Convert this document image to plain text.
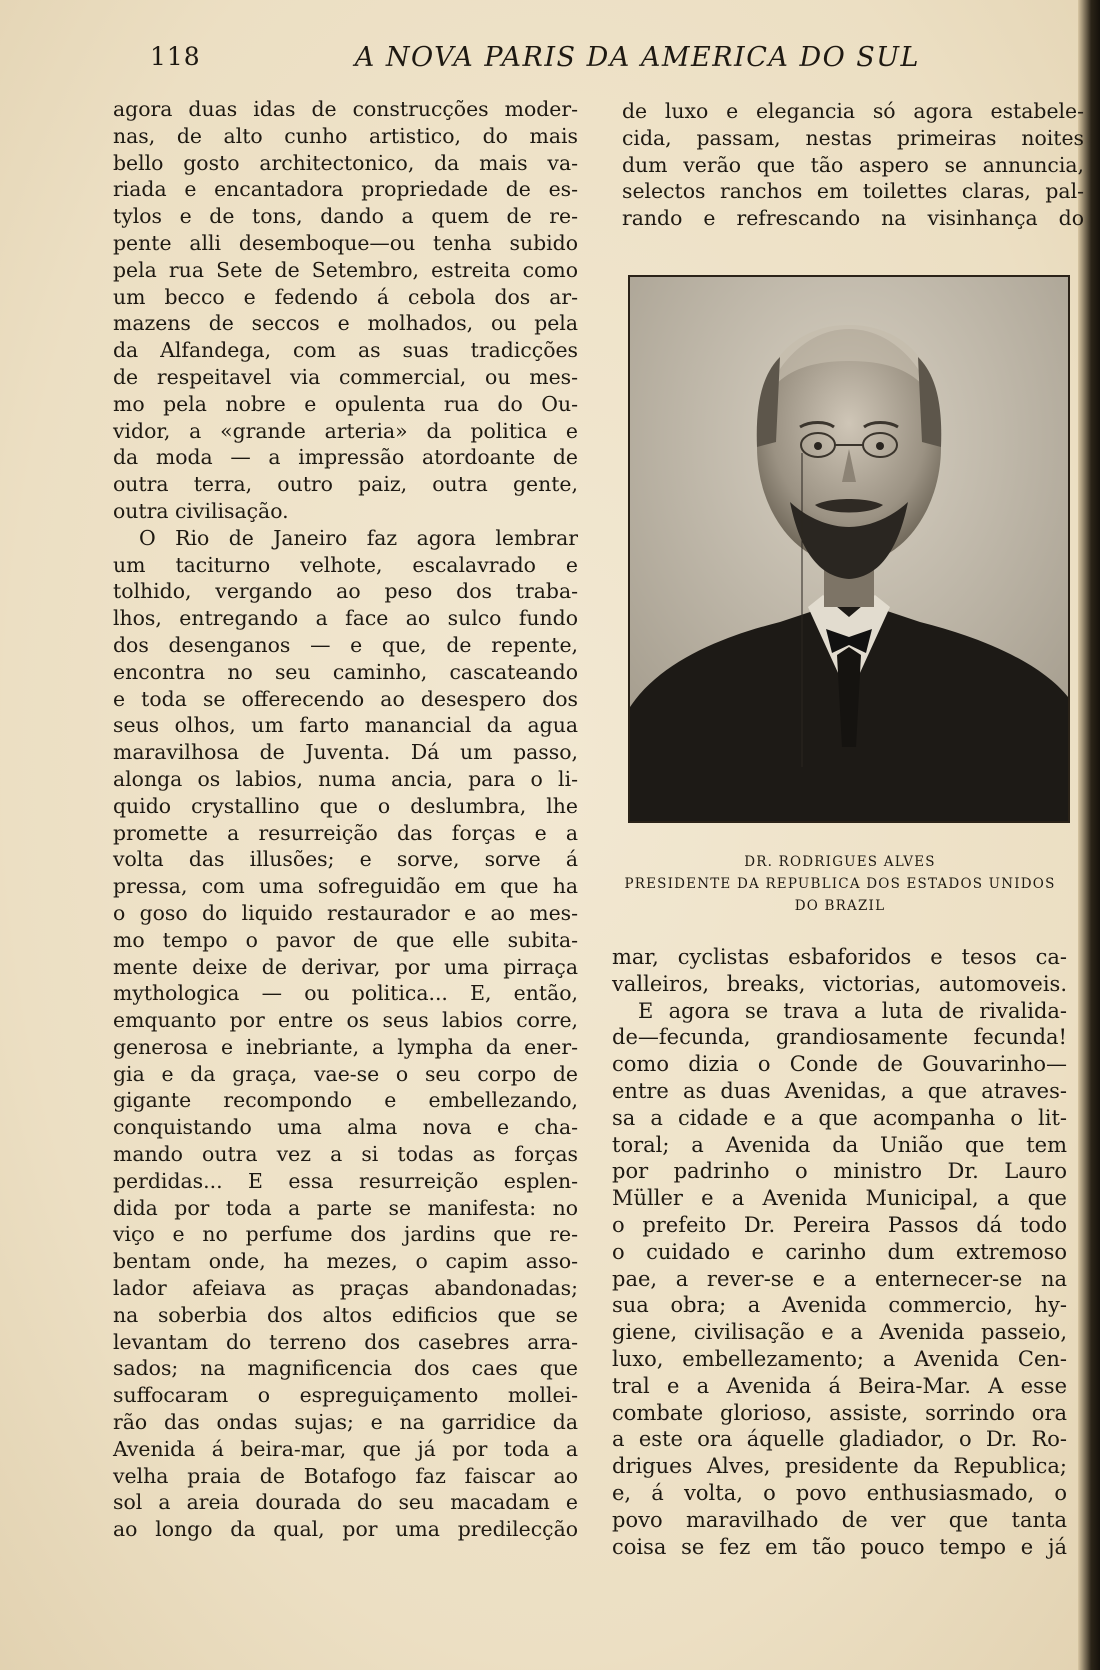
118	A NOVA PARIS DA AMERICA DO SUL
agora duas idas de construcções moder-
nas, de alto cunho artistico, do mais
bello gosto architectonico, da mais va-
riada e encantadora propriedade de es-
tylos e de tons, dando a quem de re-
pente alli desemboque—ou tenha subido
pela rua Sete de Setembro, estreita como
um becco e fedendo á cebola dos ar-
mazens de seccos e molhados, ou pela
da Alfandega, com as suas tradicções
de respeitavel via commercial, ou mes-
mo pela nobre e opulenta rua do Ou-
vidor, a «grande arteria» da politica e
da moda — a impressão atordoante de
outra terra, outro paiz, outra gente,
outra civilisação.
O Rio de Janeiro faz agora lembrar
um taciturno velhote, escalavrado e
tolhido, vergando ao peso dos traba-
lhos, entregando a face ao sulco fundo
dos desenganos — e que, de repente,
encontra no seu caminho, cascateando
e toda se offerecendo ao desespero dos
seus olhos, um farto manancial da agua
maravilhosa de Juventa. Dá um passo,
alonga os labios, numa ancia, para o li-
quido crystallino que o deslumbra, lhe
promette a resurreição das forças e a
volta das illusões; e sorve, sorve á
pressa, com uma sofreguidão em que ha
o goso do liquido restaurador e ao mes-
mo tempo o pavor de que elle subita-
mente deixe de derivar, por uma pirraça
mythologica — ou politica... E, então,
emquanto por entre os seus labios corre,
generosa e inebriante, a lympha da ener-
gia e da graça, vae-se o seu corpo de
gigante recompondo e embellezando,
conquistando uma alma nova e cha-
mando outra vez a si todas as forças
perdidas... E essa resurreição esplen-
dida por toda a parte se manifesta: no
viço e no perfume dos jardins que re-
bentam onde, ha mezes, o capim asso-
lador afeiava as praças abandonadas;
na soberbia dos altos edificios que se
levantam do terreno dos casebres arra-
sados; na magnificencia dos caes que
suffocaram o espreguiçamento mollei-
rão das ondas sujas; e na garridice da
Avenida á beira-mar, que já por toda a
velha praia de Botafogo faz faiscar ao
sol a areia dourada do seu macadam e
ao longo da qual, por uma predilecção
de luxo e elegancia só agora estabele-
cida, passam, nestas primeiras noites
dum verão que tão aspero se annuncia,
selectos ranchos em toilettes claras, pal-
rando e refrescando na visinhança do
DR. RODRIGUES ALVES
PRESIDENTE DA REPUBLICA DOS ESTADOS UNIDOS
DO BRAZIL
mar, cyclistas esbaforidos e tesos ca-
valleiros, breaks, victorias, automoveis.
E agora se trava a luta de rivalida-
de—fecunda, grandiosamente fecunda!
como dizia o Conde de Gouvarinho—
entre as duas Avenidas, a que atraves-
sa a cidade e a que acompanha o lit-
toral; a Avenida da União que tem
por padrinho o ministro Dr. Lauro
Müller e a Avenida Municipal, a que
o prefeito Dr. Pereira Passos dá todo
o cuidado e carinho dum extremoso
pae, a rever-se e a enternecer-se na
sua obra; a Avenida commercio, hy-
giene, civilisação e a Avenida passeio,
luxo, embellezamento; a Avenida Cen-
tral e a Avenida á Beira-Mar. A esse
combate glorioso, assiste, sorrindo ora
a este ora áquelle gladiador, o Dr. Ro-
drigues Alves, presidente da Republica;
e, á volta, o povo enthusiasmado, o
povo maravilhado de ver que tanta
coisa se fez em tão pouco tempo e já
